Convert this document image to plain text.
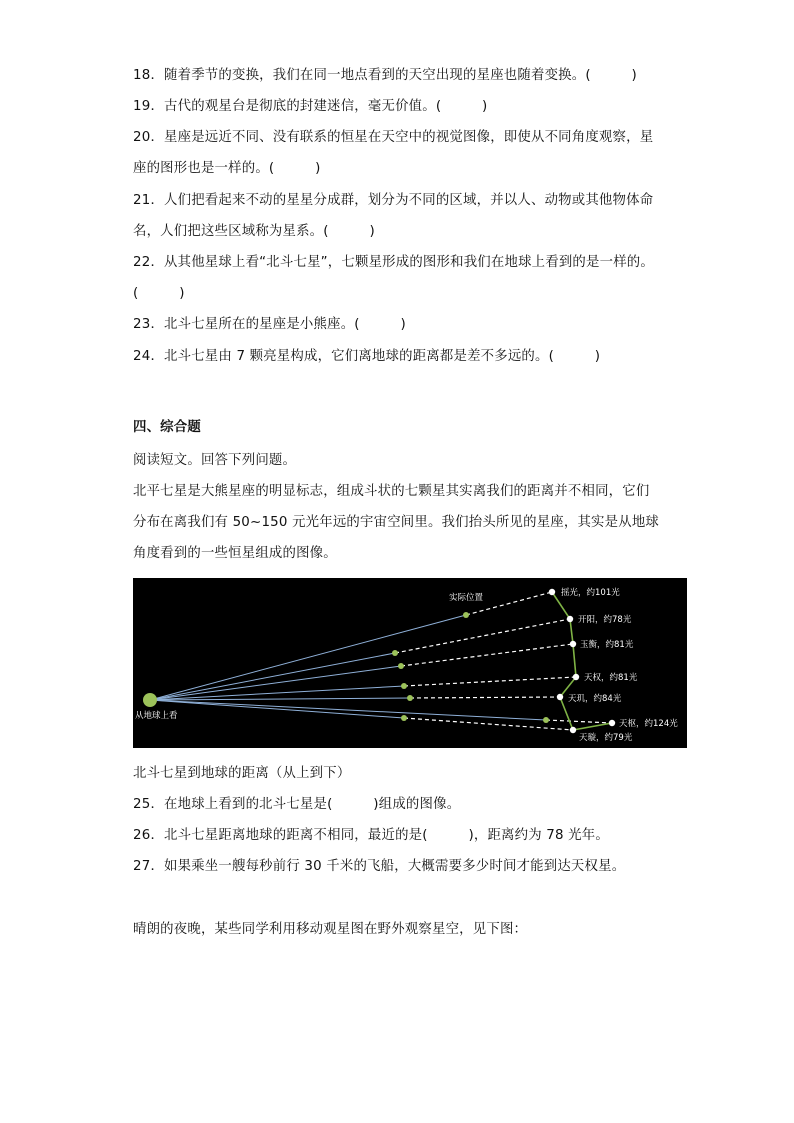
18．随着季节的变换，我们在同一地点看到的天空出现的星座也随着变换。(　　　)
19．古代的观星台是彻底的封建迷信，毫无价值。(　　　)
20．星座是远近不同、没有联系的恒星在天空中的视觉图像，即使从不同角度观察，星
座的图形也是一样的。(　　　)
21．人们把看起来不动的星星分成群，划分为不同的区域，并以人、动物或其他物体命
名，人们把这些区域称为星系。(　　　)
22．从其他星球上看“北斗七星”，七颗星形成的图形和我们在地球上看到的是一样的。
(　　　)
23．北斗七星所在的星座是小熊座。(　　　)
24．北斗七星由 7 颗亮星构成，它们离地球的距离都是差不多远的。(　　　)
四、综合题
阅读短文。回答下列问题。
北平七星是大熊星座的明显标志，组成斗状的七颗星其实离我们的距离并不相同，它们
分布在离我们有 50~150 元光年远的宇宙空间里。我们抬头所见的星座，其实是从地球
角度看到的一些恒星组成的图像。
从地球上看
实际位置	摇光，约101光
开阳，约78光
玉衡，约81光
天权，约81光
天玑，约84光
天枢，约124光
天璇，约79光
北斗七星到地球的距离（从上到下）
25．在地球上看到的北斗七星是(　　　)组成的图像。
26．北斗七星距离地球的距离不相同，最近的是(　　　)，距离约为 78 光年。
27．如果乘坐一艘每秒前行 30 千米的飞船，大概需要多少时间才能到达天权星。
晴朗的夜晚，某些同学利用移动观星图在野外观察星空，见下图：
